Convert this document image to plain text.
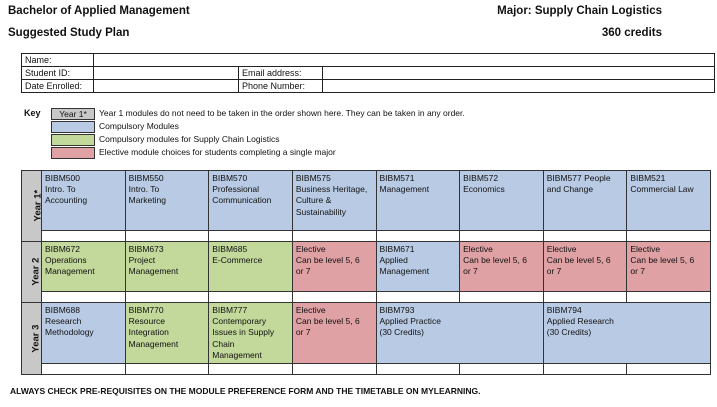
Bachelor of Applied Management
Suggested Study Plan
Major: Supply Chain Logistics
360 credits
Name:			
Student ID:		Email address:	
Date Enrolled:		Phone Number:	
Key	Year 1*	Year 1 modules do not need to be taken in the order shown here. They can be taken in any order.
Compulsory Modules
Compulsory modules for Supply Chain Logistics
Elective module choices for students completing a single major
Year 1*	BIBM500
Intro. To
Accounting	BIBM550
Intro. To
Marketing	BIBM570
Professional
Communication	BIBM575
Business Heritage,
Culture &
Sustainability	BIBM571
Management	BIBM572
Economics	BIBM577 People
and Change	BIBM521
Commercial Law

Year 2	BIBM672
Operations
Management	BIBM673
Project
Management	BIBM685
E-Commerce	Elective
Can be level 5, 6
or 7	BIBM671
Applied
Management	Elective
Can be level 5, 6
or 7	Elective
Can be level 5, 6
or 7	Elective
Can be level 5, 6
or 7

Year 3	BIBM688
Research
Methodology	BIBM770
Resource
Integration
Management	BIBM777
Contemporary
Issues in Supply
Chain
Management	Elective
Can be level 5, 6
or 7	BIBM793
Applied Practice
(30 Credits)		BIBM794
Applied Research
(30 Credits)	

ALWAYS CHECK PRE-REQUISITES ON THE MODULE PREFERENCE FORM AND THE TIMETABLE ON MYLEARNING.
